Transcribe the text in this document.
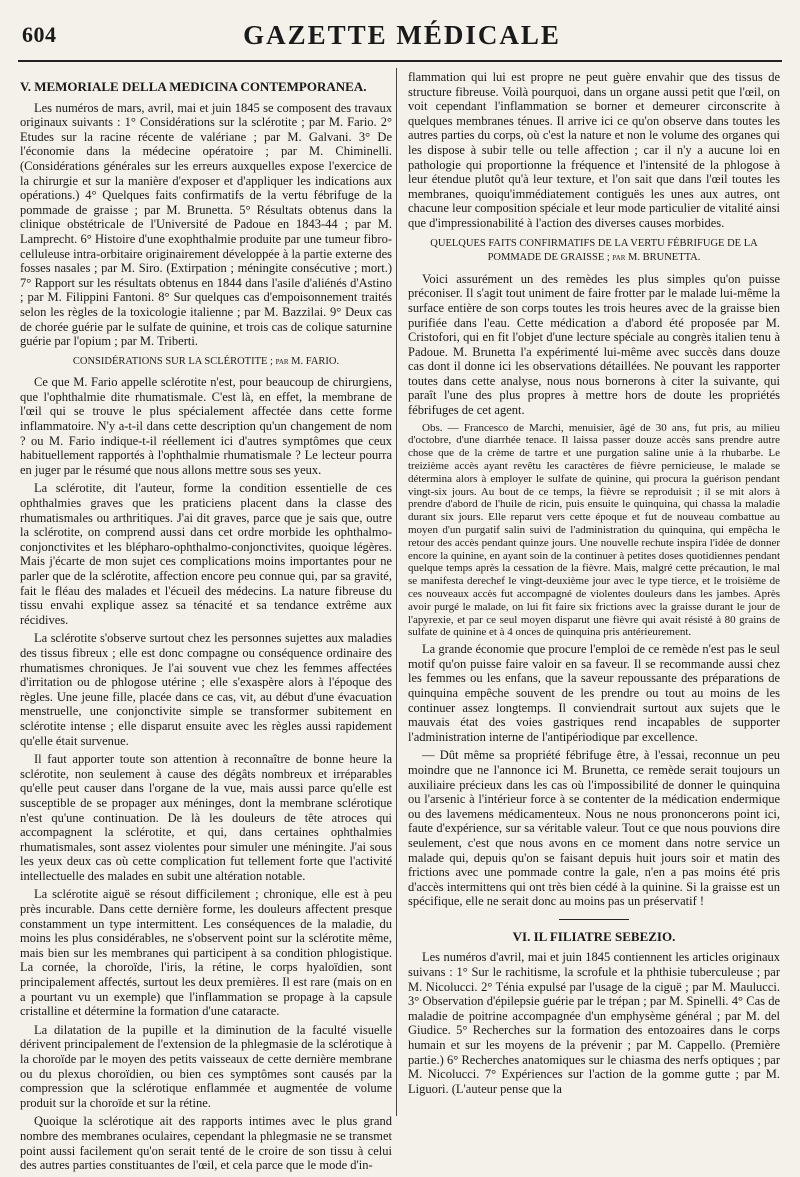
604	GAZETTE MÉDICALE
V. MEMORIALE DELLA MEDICINA CONTEMPORANEA.

Les numéros de mars, avril, mai et juin 1845 se composent des travaux originaux suivants : 1° Considérations sur la sclérotite ; par M. Fario. 2° Etudes sur la racine récente de valériane ; par M. Galvani. 3° De l'économie dans la médecine opératoire ; par M. Chiminelli. (Considérations générales sur les erreurs auxquelles expose l'exercice de la chirurgie et sur la manière d'exposer et d'appliquer les indications aux opérations.) 4° Quelques faits confirmatifs de la vertu fébrifuge de la pommade de graisse ; par M. Brunetta. 5° Résultats obtenus dans la clinique obstétricale de l'Université de Padoue en 1843-44 ; par M. Lamprecht. 6° Histoire d'une exophthalmie produite par une tumeur fibro-celluleuse intra-orbitaire originairement développée à la partie externe des fosses nasales ; par M. Siro. (Extirpation ; méningite consécutive ; mort.) 7° Rapport sur les résultats obtenus en 1844 dans l'asile d'aliénés d'Astino ; par M. Filippini Fantoni. 8° Sur quelques cas d'empoisonnement traités selon les règles de la toxicologie italienne ; par M. Bazzilai. 9° Deux cas de chorée guérie par le sulfate de quinine, et trois cas de colique saturnine guérie par l'opium ; par M. Triberti.

CONSIDÉRATIONS SUR LA SCLÉROTITE ; par M. FARIO.

Ce que M. Fario appelle sclérotite n'est, pour beaucoup de chirurgiens, que l'ophthalmie dite rhumatismale. C'est là, en effet, la membrane de l'œil qui se trouve le plus spécialement affectée dans cette forme inflammatoire. N'y a-t-il dans cette description qu'un changement de nom ? ou M. Fario indique-t-il réellement ici d'autres symptômes que ceux habituellement rapportés à l'ophthalmie rhumatismale ? Le lecteur pourra en juger par le résumé que nous allons mettre sous ses yeux.

La sclérotite, dit l'auteur, forme la condition essentielle de ces ophthalmies graves que les praticiens placent dans la classe des rhumatismales ou arthritiques. J'ai dit graves, parce que je sais que, outre la sclérotite, on comprend aussi dans cet ordre morbide les ophthalmo-conjonctivites et les blépharo-ophthalmo-conjonctivites, quoique légères. Mais j'écarte de mon sujet ces complications moins importantes pour ne parler que de la sclérotite, affection encore peu connue qui, par sa gravité, fait le fléau des malades et l'écueil des médecins. La nature fibreuse du tissu envahi explique assez sa ténacité et sa tendance extrême aux récidives.

La sclérotite s'observe surtout chez les personnes sujettes aux maladies des tissus fibreux ; elle est donc compagne ou conséquence ordinaire des rhumatismes chroniques. Je l'ai souvent vue chez les femmes affectées d'irritation ou de phlogose utérine ; elle s'exaspère alors à l'époque des règles. Une jeune fille, placée dans ce cas, vit, au début d'une évacuation menstruelle, une conjonctivite simple se transformer subitement en sclérotite intense ; elle disparut ensuite avec les règles aussi rapidement qu'elle était survenue.

Il faut apporter toute son attention à reconnaître de bonne heure la sclérotite, non seulement à cause des dégâts nombreux et irréparables qu'elle peut causer dans l'organe de la vue, mais aussi parce qu'elle est susceptible de se propager aux méninges, dont la membrane sclérotique n'est qu'une continuation. De là les douleurs de tête atroces qui accompagnent la sclérotite, et qui, dans certaines ophthalmies rhumatismales, sont assez violentes pour simuler une méningite. J'ai sous les yeux deux cas où cette complication fut tellement forte que l'activité intellectuelle des malades en subit une altération notable.

La sclérotite aiguë se résout difficilement ; chronique, elle est à peu près incurable. Dans cette dernière forme, les douleurs affectent presque constamment un type intermittent. Les conséquences de la maladie, du moins les plus considérables, ne s'observent point sur la sclérotite même, mais bien sur les membranes qui participent à sa condition phlogistique. La cornée, la choroïde, l'iris, la rétine, le corps hyaloïdien, sont principalement affectés, surtout les deux premières. Il est rare (mais on en a pourtant vu un exemple) que l'inflammation se propage à la capsule cristalline et détermine la formation d'une cataracte.

La dilatation de la pupille et la diminution de la faculté visuelle dérivent principalement de l'extension de la phlegmasie de la sclérotique à la choroïde par le moyen des petits vaisseaux de cette dernière membrane ou du plexus choroïdien, ou bien ces symptômes sont causés par la compression que la sclérotique enflammée et augmentée de volume produit sur la choroïde et sur la rétine.

Quoique la sclérotique ait des rapports intimes avec le plus grand nombre des membranes oculaires, cependant la phlegmasie ne se transmet point aussi facilement qu'on serait tenté de le croire de son tissu à celui des autres parties constituantes de l'œil, et cela parce que le mode d'in-

flammation qui lui est propre ne peut guère envahir que des tissus de structure fibreuse. Voilà pourquoi, dans un organe aussi petit que l'œil, on voit cependant l'inflammation se borner et demeurer circonscrite à quelques membranes ténues. Il arrive ici ce qu'on observe dans toutes les autres parties du corps, où c'est la nature et non le volume des organes qui les dispose à subir telle ou telle affection ; car il n'y a aucune loi en pathologie qui proportionne la fréquence et l'intensité de la phlogose à leur étendue plutôt qu'à leur texture, et l'on sait que dans l'œil toutes les membranes, quoiqu'immédiatement contiguës les unes aux autres, ont chacune leur composition spéciale et leur mode particulier de vitalité ainsi que d'impressionabilité à l'action des diverses causes morbides.

QUELQUES FAITS CONFIRMATIFS DE LA VERTU FÉBRIFUGE DE LA POMMADE DE GRAISSE ; par M. BRUNETTA.

Voici assurément un des remèdes les plus simples qu'on puisse préconiser. Il s'agit tout uniment de faire frotter par le malade lui-même la surface entière de son corps toutes les trois heures avec de la graisse bien purifiée dans l'eau. Cette médication a d'abord été proposée par M. Cristofori, qui en fit l'objet d'une lecture spéciale au congrès italien tenu à Padoue. M. Brunetta l'a expérimenté lui-même avec succès dans douze cas dont il donne ici les observations détaillées. Ne pouvant les rapporter toutes dans cette analyse, nous nous bornerons à citer la suivante, qui paraît l'une des plus propres à mettre hors de doute les propriétés fébrifuges de cet agent.

Obs. — Francesco de Marchi, menuisier, âgé de 30 ans, fut pris, au milieu d'octobre, d'une diarrhée tenace. Il laissa passer douze accès sans prendre autre chose que de la crème de tartre et une purgation saline unie à la rhubarbe. Le treizième accès ayant revêtu les caractères de fièvre pernicieuse, le malade se détermina alors à employer le sulfate de quinine, qui procura la guérison pendant vingt-six jours. Au bout de ce temps, la fièvre se reproduisit ; il se mit alors à prendre d'abord de l'huile de ricin, puis ensuite le quinquina, qui chassa la maladie durant six jours. Elle reparut vers cette époque et fut de nouveau combattue au moyen d'un purgatif salin suivi de l'administration du quinquina, qui empêcha le retour des accès pendant quinze jours. Une nouvelle rechute inspira l'idée de donner encore la quinine, en ayant soin de la continuer à petites doses quotidiennes pendant quelque temps après la cessation de la fièvre. Mais, malgré cette précaution, le mal se manifesta derechef le vingt-deuxième jour avec le type tierce, et le troisième de ces nouveaux accès fut accompagné de violentes douleurs dans les jambes. Après avoir purgé le malade, on lui fit faire six frictions avec la graisse durant le jour de l'apyrexie, et par ce seul moyen disparut une fièvre qui avait résisté à 80 grains de sulfate de quinine et à 4 onces de quinquina pris antérieurement.

La grande économie que procure l'emploi de ce remède n'est pas le seul motif qu'on puisse faire valoir en sa faveur. Il se recommande aussi chez les femmes ou les enfans, que la saveur repoussante des préparations de quinquina empêche souvent de les prendre ou tout au moins de les continuer assez longtemps. Il conviendrait surtout aux sujets que le mauvais état des voies gastriques rend incapables de supporter l'administration interne de l'antipériodique par excellence.

— Dût même sa propriété fébrifuge être, à l'essai, reconnue un peu moindre que ne l'annonce ici M. Brunetta, ce remède serait toujours un auxiliaire précieux dans les cas où l'impossibilité de donner le quinquina ou l'arsenic à l'intérieur force à se contenter de la médication endermique ou des lavemens médicamenteux. Nous ne nous prononcerons point ici, faute d'expérience, sur sa véritable valeur. Tout ce que nous pouvions dire seulement, c'est que nous avons en ce moment dans notre service un malade qui, depuis qu'on se faisant depuis huit jours soir et matin des frictions avec une pommade contre la gale, n'en a pas moins été pris d'accès intermittens qui ont très bien cédé à la quinine. Si la graisse est un spécifique, elle ne serait donc au moins pas un préservatif !

VI. IL FILIATRE SEBEZIO.

Les numéros d'avril, mai et juin 1845 contiennent les articles originaux suivans : 1° Sur le rachitisme, la scrofule et la phthisie tuberculeuse ; par M. Nicolucci. 2° Ténia expulsé par l'usage de la ciguë ; par M. Maulucci. 3° Observation d'épilepsie guérie par le trépan ; par M. Spinelli. 4° Cas de maladie de poitrine accompagnée d'un emphysème général ; par M. del Giudice. 5° Recherches sur la formation des entozoaires dans le corps humain et sur les moyens de la prévenir ; par M. Cappello. (Première partie.) 6° Recherches anatomiques sur le chiasma des nerfs optiques ; par M. Nicolucci. 7° Expériences sur l'action de la gomme gutte ; par M. Liguori. (L'auteur pense que la
